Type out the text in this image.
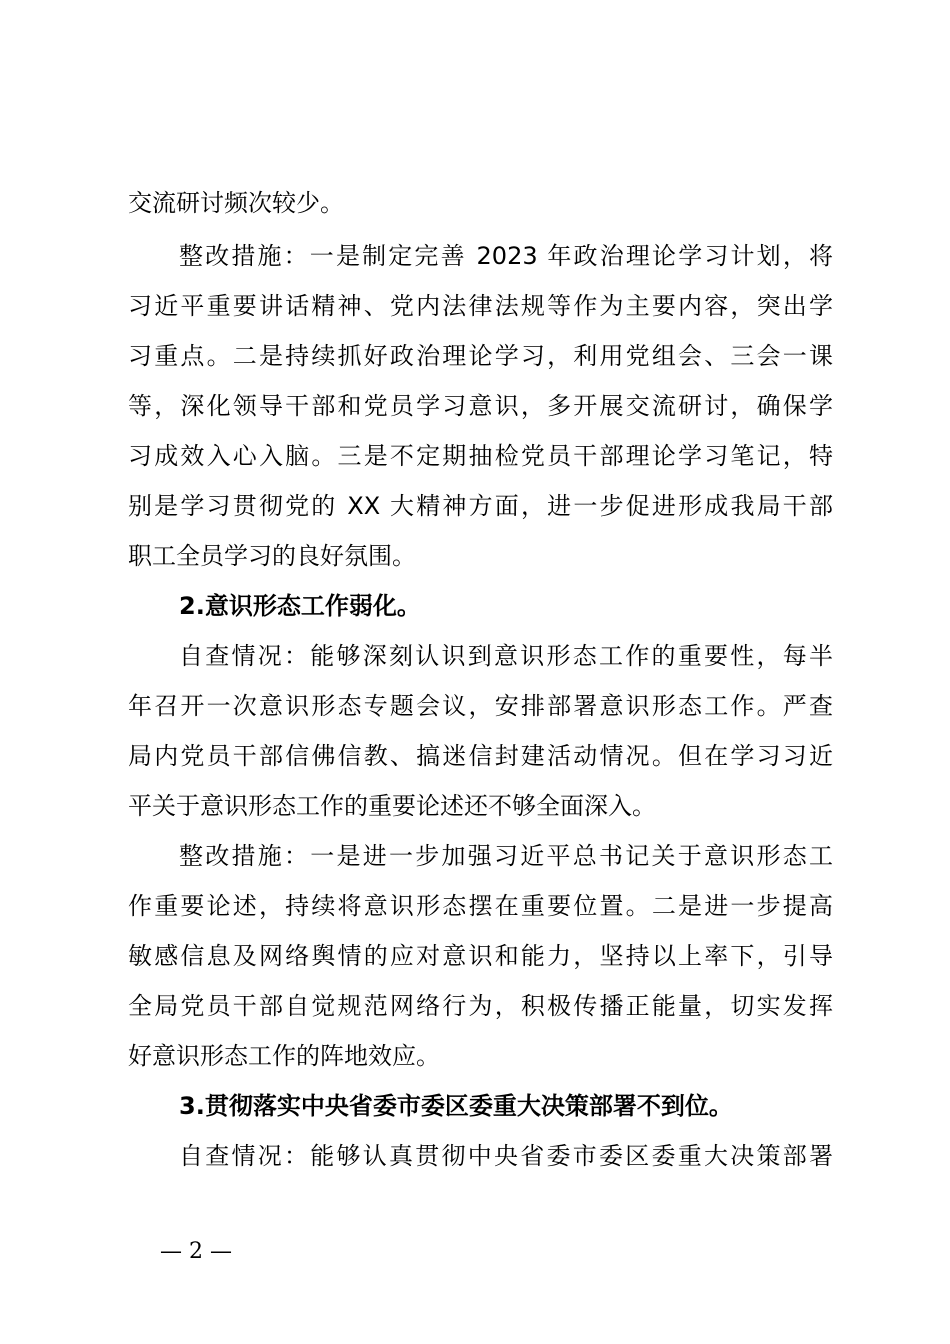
交流研讨频次较少。
整改措施：一是制定完善 2023 年政治理论学习计划，将
习近平重要讲话精神、党内法律法规等作为主要内容，突出学
习重点。二是持续抓好政治理论学习，利用党组会、三会一课
等，深化领导干部和党员学习意识，多开展交流研讨，确保学
习成效入心入脑。三是不定期抽检党员干部理论学习笔记，特
别是学习贯彻党的 XX 大精神方面，进一步促进形成我局干部
职工全员学习的良好氛围。
2.意识形态工作弱化。
自查情况：能够深刻认识到意识形态工作的重要性，每半
年召开一次意识形态专题会议，安排部署意识形态工作。严查
局内党员干部信佛信教、搞迷信封建活动情况。但在学习习近
平关于意识形态工作的重要论述还不够全面深入。
整改措施：一是进一步加强习近平总书记关于意识形态工
作重要论述，持续将意识形态摆在重要位置。二是进一步提高
敏感信息及网络舆情的应对意识和能力，坚持以上率下，引导
全局党员干部自觉规范网络行为，积极传播正能量，切实发挥
好意识形态工作的阵地效应。
3.贯彻落实中央省委市委区委重大决策部署不到位。
自查情况：能够认真贯彻中央省委市委区委重大决策部署
— 2 —
